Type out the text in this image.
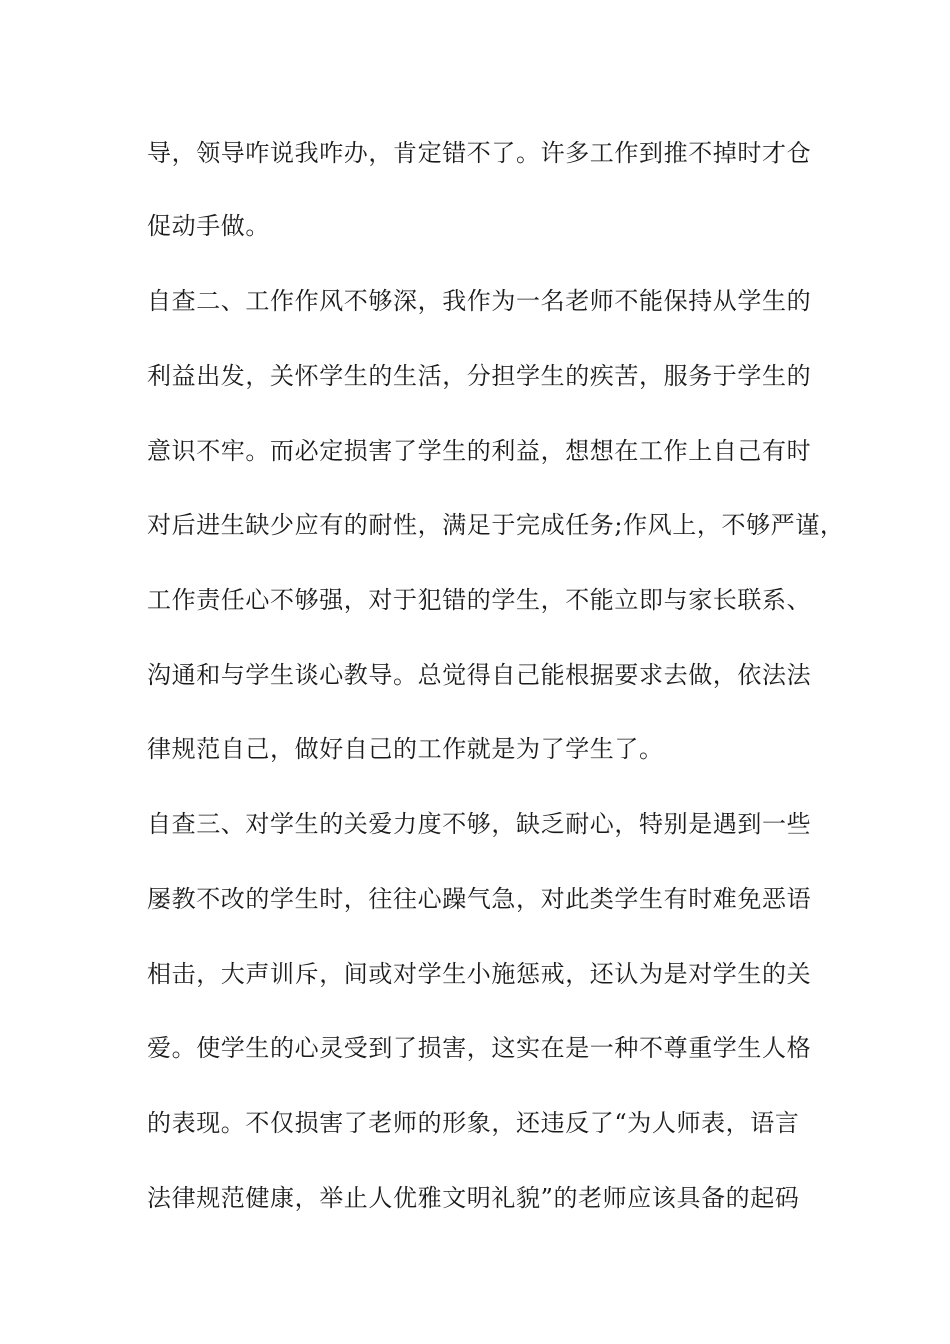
导，领导咋说我咋办，肯定错不了。许多工作到推不掉时才仓
促动手做。
自查二、工作作风不够深，我作为一名老师不能保持从学生的
利益出发，关怀学生的生活，分担学生的疾苦，服务于学生的
意识不牢。而必定损害了学生的利益，想想在工作上自己有时
对后进生缺少应有的耐性，满足于完成任务;作风上，不够严谨，
工作责任心不够强，对于犯错的学生，不能立即与家长联系、
沟通和与学生谈心教导。总觉得自己能根据要求去做，依法法
律规范自己，做好自己的工作就是为了学生了。
自查三、对学生的关爱力度不够，缺乏耐心，特别是遇到一些
屡教不改的学生时，往往心躁气急，对此类学生有时难免恶语
相击，大声训斥，间或对学生小施惩戒，还认为是对学生的关
爱。使学生的心灵受到了损害，这实在是一种不尊重学生人格
的表现。不仅损害了老师的形象，还违反了“为人师表，语言
法律规范健康，举止人优雅文明礼貌”的老师应该具备的起码
